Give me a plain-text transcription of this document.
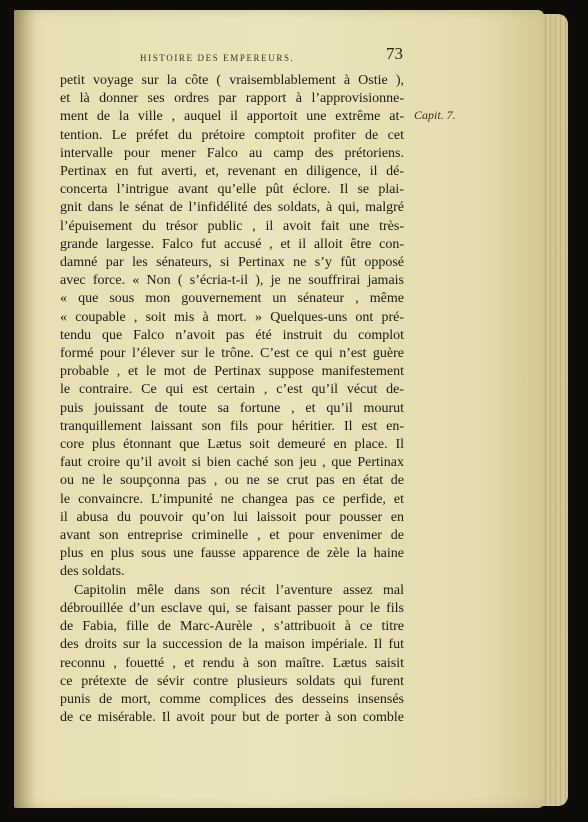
HISTOIRE DES EMPEREURS.	73
Capit. 7.
petit voyage sur la côte ( vraisemblablement à Ostie ),
et là donner ses ordres par rapport à l’approvisionne-
ment de la ville , auquel il apportoit une extrême at-
tention. Le préfet du prétoire comptoit profiter de cet
intervalle pour mener Falco au camp des prétoriens.
Pertinax en fut averti, et, revenant en diligence, il dé-
concerta l’intrigue avant qu’elle pût éclore. Il se plai-
gnit dans le sénat de l’infidélité des soldats, à qui, malgré
l’épuisement du trésor public , il avoit fait une très-
grande largesse. Falco fut accusé , et il alloit être con-
damné par les sénateurs, si Pertinax ne s’y fût opposé
avec force. « Non ( s’écria-t-il ), je ne souffrirai jamais
« que sous mon gouvernement un sénateur , même
« coupable , soit mis à mort. » Quelques-uns ont pré-
tendu que Falco n’avoit pas été instruit du complot
formé pour l’élever sur le trône. C’est ce qui n’est guère
probable , et le mot de Pertinax suppose manifestement
le contraire. Ce qui est certain , c’est qu’il vécut de-
puis jouissant de toute sa fortune , et qu’il mourut
tranquillement laissant son fils pour héritier. Il est en-
core plus étonnant que Lætus soit demeuré en place. Il
faut croire qu’il avoit si bien caché son jeu , que Pertinax
ou ne le soupçonna pas , ou ne se crut pas en état de
le convaincre. L’impunité ne changea pas ce perfide, et
il abusa du pouvoir qu’on lui laissoit pour pousser en
avant son entreprise criminelle , et pour envenimer de
plus en plus sous une fausse apparence de zèle la haine
des soldats.
Capitolin mêle dans son récit l’aventure assez mal
débrouillée d’un esclave qui, se faisant passer pour le fils
de Fabia, fille de Marc-Aurèle , s’attribuoit à ce titre
des droits sur la succession de la maison impériale. Il fut
reconnu , fouetté , et rendu à son maître. Lætus saisit
ce prétexte de sévir contre plusieurs soldats qui furent
punis de mort, comme complices des desseins insensés
de ce misérable. Il avoit pour but de porter à son comble
